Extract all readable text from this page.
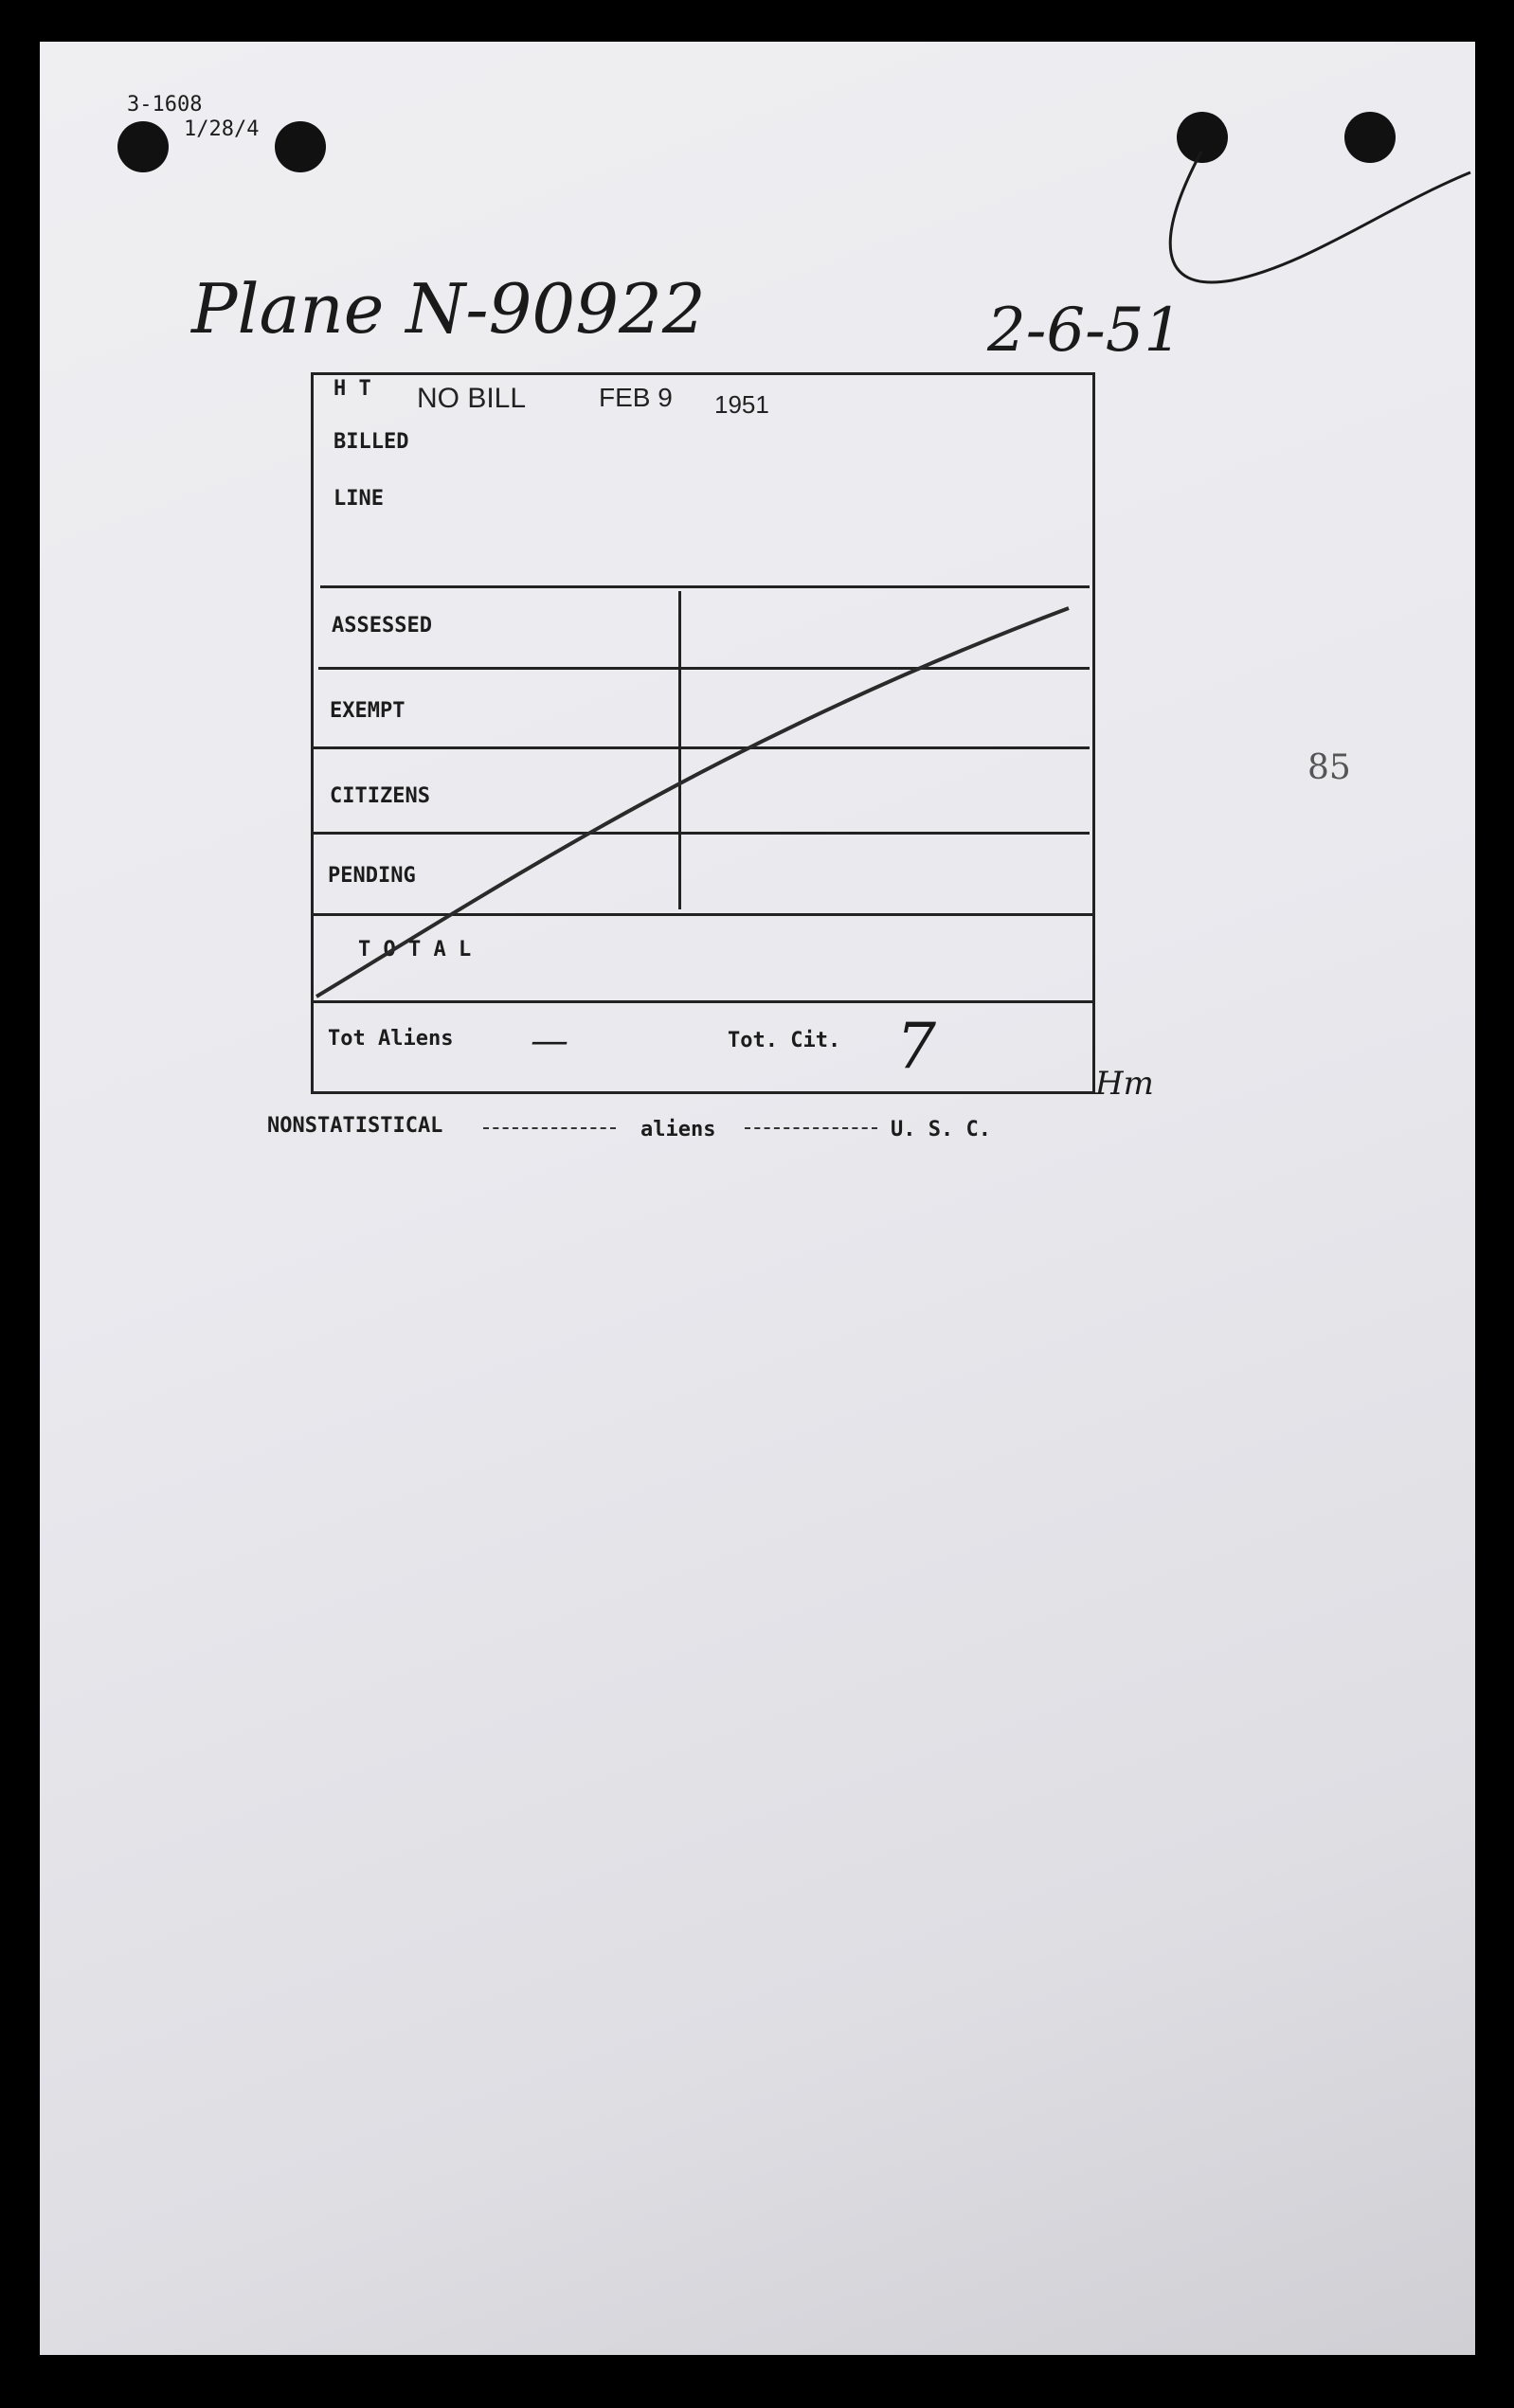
3-1608
1/28/4
Plane N-90922	2-6-51
85
H T NO BILL	FEB 9 1951
BILLED
LINE
ASSESSED
EXEMPT
CITIZENS
PENDING
T O T A L
Tot Aliens —	Tot. Cit. 7
Hm
NONSTATISTICAL	aliens	U. S. C.
